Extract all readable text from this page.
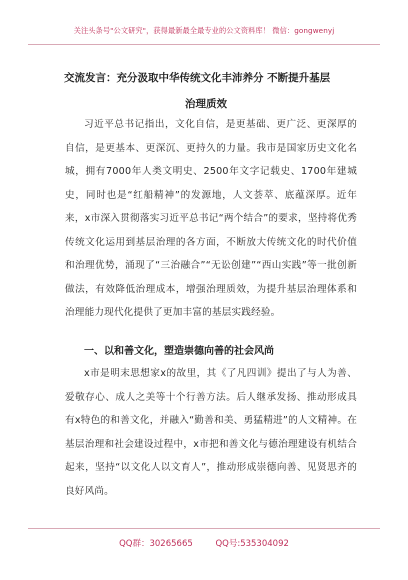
关注头条号"公文研究"，获得最新最全最专业的公文资料库！ 微信：gongwenyj
交流发言：充分汲取中华传统文化丰沛养分 不断提升基层
治理质效
习近平总书记指出，文化自信，是更基础、更广泛、更深厚的自信，是更基本、更深沉、更持久的力量。我市是国家历史文化名城，拥有7000年人类文明史、2500年文字记载史、1700年建城史，同时也是“红船精神”的发源地，人文荟萃、底蕴深厚。近年来，x市深入贯彻落实习近平总书记“两个结合”的要求，坚持将优秀传统文化运用到基层治理的各方面，不断放大传统文化的时代价值和治理优势，涌现了“三治融合”“无讼创建”“西山实践”等一批创新做法，有效降低治理成本，增强治理质效，为提升基层治理体系和治理能力现代化提供了更加丰富的基层实践经验。
一、以和善文化，塑造崇德向善的社会风尚
x市是明末思想家x的故里，其《了凡四训》提出了与人为善、爱敬存心、成人之美等十个行善方法。后人继承发扬、推动形成具有x特色的和善文化，并融入“勤善和美、勇猛精进”的人文精神。在基层治理和社会建设过程中，x市把和善文化与德治理建设有机结合起来，坚持“以文化人以文育人”，推动形成崇德向善、见贤思齐的良好风尚。
QQ群：30265665	QQ号:535304092
